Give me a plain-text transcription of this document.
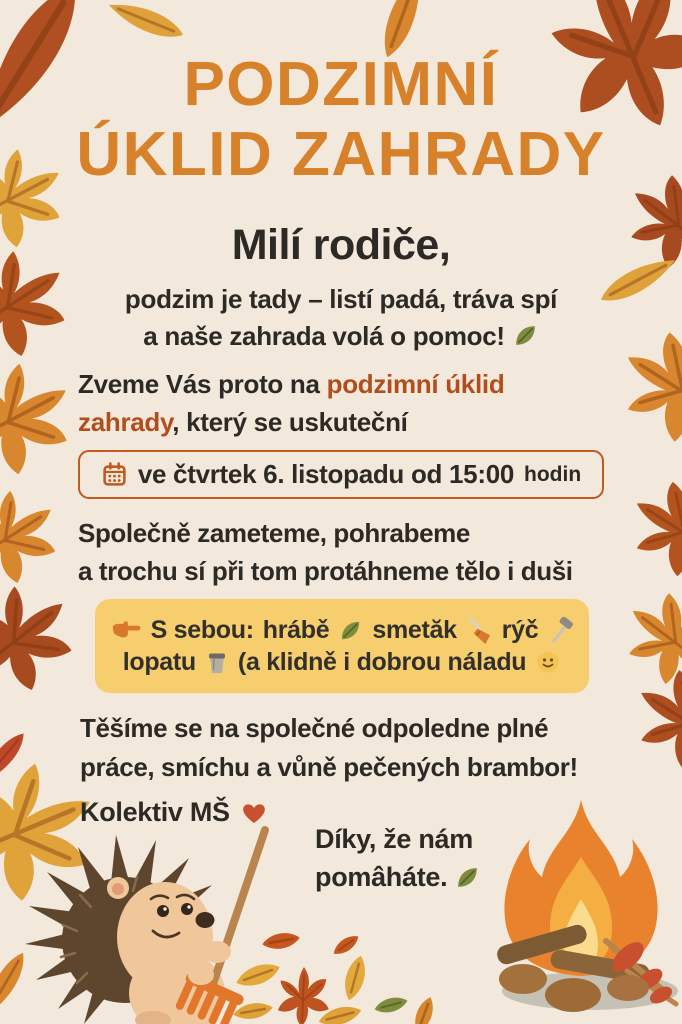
PODZIMNÍ
ÚKLID ZAHRADY
Milí rodiče,
podzim je tady – listí padá, tráva spí
a naše zahrada volá o pomoc!
Zveme Vás proto na podzimní úklid
zahrady, který se uskuteční
ve čtvrtek 6. listopadu od 15:00 hodin
Společně zameteme, pohrabeme
a trochu sí při tom protáhneme tělo i duši
S sebou: hrábě smetăk rýč
lopatu (a klidně i dobrou náladu
Těšíme se na společné odpoledne plné
práce, smíchu a vůně pečených brambor!
Kolektiv MŠ
Díky, že nám
pomâháte.
